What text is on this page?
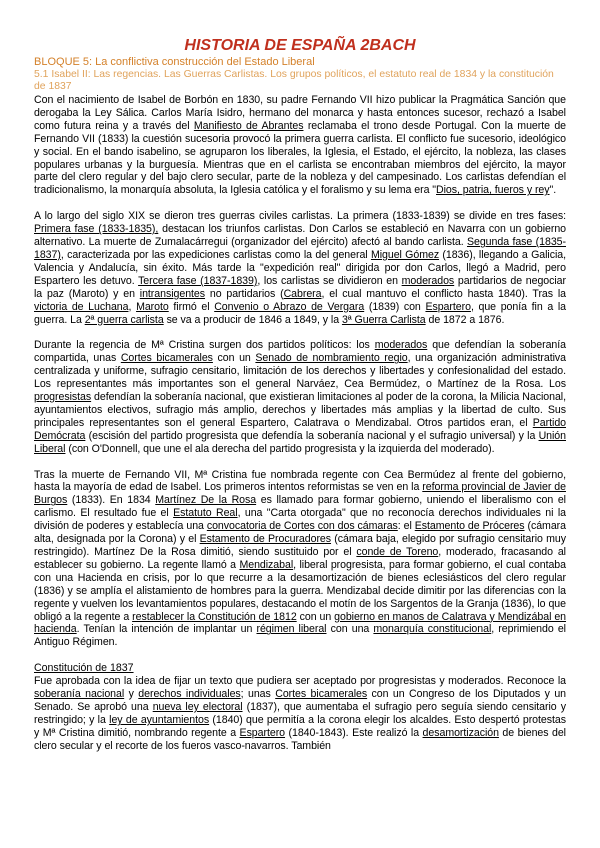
HISTORIA DE ESPAÑA 2BACH
BLOQUE 5: La conflictiva construcción del Estado Liberal
5.1 Isabel II: Las regencias. Las Guerras Carlistas. Los grupos políticos, el estatuto real de 1834 y la constitución de 1837

Con el nacimiento de Isabel de Borbón en 1830, su padre Fernando VII hizo publicar la Pragmática Sanción que derogaba la Ley Sálica. Carlos María Isidro, hermano del monarca y hasta entonces sucesor, rechazó a Isabel como futura reina y a través del Manifiesto de Abrantes reclamaba el trono desde Portugal. Con la muerte de Fernando VII (1833) la cuestión sucesoria provocó la primera guerra carlista. El conflicto fue sucesorio, ideológico y social. En el bando isabelino, se agruparon los liberales, la Iglesia, el Estado, el ejército, la nobleza, las clases populares urbanas y la burguesía. Mientras que en el carlista se encontraban miembros del ejército, la mayor parte del clero regular y del bajo clero secular, parte de la nobleza y del campesinado. Los carlistas defendían el tradicionalismo, la monarquía absoluta, la Iglesia católica y el foralismo y su lema era "Dios, patria, fueros y rey".

A lo largo del siglo XIX se dieron tres guerras civiles carlistas. La primera (1833-1839) se divide en tres fases: Primera fase (1833-1835), destacan los triunfos carlistas. Don Carlos se estableció en Navarra con un gobierno alternativo. La muerte de Zumalacárregui (organizador del ejército) afectó al bando carlista. Segunda fase (1835-1837), caracterizada por las expediciones carlistas como la del general Miguel Gómez (1836), llegando a Galicia, Valencia y Andalucía, sin éxito. Más tarde la "expedición real" dirigida por don Carlos, llegó a Madrid, pero Espartero les detuvo. Tercera fase (1837-1839), los carlistas se dividieron en moderados partidarios de negociar la paz (Maroto) y en intransigentes no partidarios (Cabrera, el cual mantuvo el conflicto hasta 1840). Tras la victoria de Luchana, Maroto firmó el Convenio o Abrazo de Vergara (1839) con Espartero, que ponía fin a la guerra. La 2ª guerra carlista se va a producir de 1846 a 1849, y la 3ª Guerra Carlista de 1872 a 1876.

Durante la regencia de Mª Cristina surgen dos partidos políticos: los moderados que defendían la soberanía compartida, unas Cortes bicamerales con un Senado de nombramiento regio, una organización administrativa centralizada y uniforme, sufragio censitario, limitación de los derechos y libertades y confesionalidad del estado. Los representantes más importantes son el general Narváez, Cea Bermúdez, o Martínez de la Rosa. Los progresistas defendían la soberanía nacional, que existieran limitaciones al poder de la corona, la Milicia Nacional, ayuntamientos electivos, sufragio más amplio, derechos y libertades más amplias y la libertad de culto. Sus principales representantes son el general Espartero, Calatrava o Mendizabal. Otros partidos eran, el Partido Demócrata (escisión del partido progresista que defendía la soberanía nacional y el sufragio universal) y la Unión Liberal (con O'Donnell, que une el ala derecha del partido progresista y la izquierda del moderado).

Tras la muerte de Fernando VII, Mª Cristina fue nombrada regente con Cea Bermúdez al frente del gobierno, hasta la mayoría de edad de Isabel. Los primeros intentos reformistas se ven en la reforma provincial de Javier de Burgos (1833). En 1834 Martínez De la Rosa es llamado para formar gobierno, uniendo el liberalismo con el carlismo. El resultado fue el Estatuto Real, una "Carta otorgada" que no reconocía derechos individuales ni la división de poderes y establecía una convocatoria de Cortes con dos cámaras: el Estamento de Próceres (cámara alta, designada por la Corona) y el Estamento de Procuradores (cámara baja, elegido por sufragio censitario muy restringido). Martínez De la Rosa dimitió, siendo sustituido por el conde de Toreno, moderado, fracasando al establecer su gobierno. La regente llamó a Mendizabal, liberal progresista, para formar gobierno, el cual contaba con una Hacienda en crisis, por lo que recurre a la desamortización de bienes eclesiásticos del clero regular (1836) y se amplía el alistamiento de hombres para la guerra. Mendizabal decide dimitir por las diferencias con la regente y vuelven los levantamientos populares, destacando el motín de los Sargentos de la Granja (1836), lo que obligó a la regente a restablecer la Constitución de 1812 con un gobierno en manos de Calatrava y Mendizábal en hacienda. Tenían la intención de implantar un régimen liberal con una monarquía constitucional, reprimiendo el Antiguo Régimen.

Constitución de 1837

Fue aprobada con la idea de fijar un texto que pudiera ser aceptado por progresistas y moderados. Reconoce la soberanía nacional y derechos individuales; unas Cortes bicamerales con un Congreso de los Diputados y un Senado. Se aprobó una nueva ley electoral (1837), que aumentaba el sufragio pero seguía siendo censitario y restringido; y la ley de ayuntamientos (1840) que permitía a la corona elegir los alcaldes. Esto despertó protestas y Mª Cristina dimitió, nombrando regente a Espartero (1840-1843). Este realizó la desamortización de bienes del clero secular y el recorte de los fueros vasco-navarros. También
